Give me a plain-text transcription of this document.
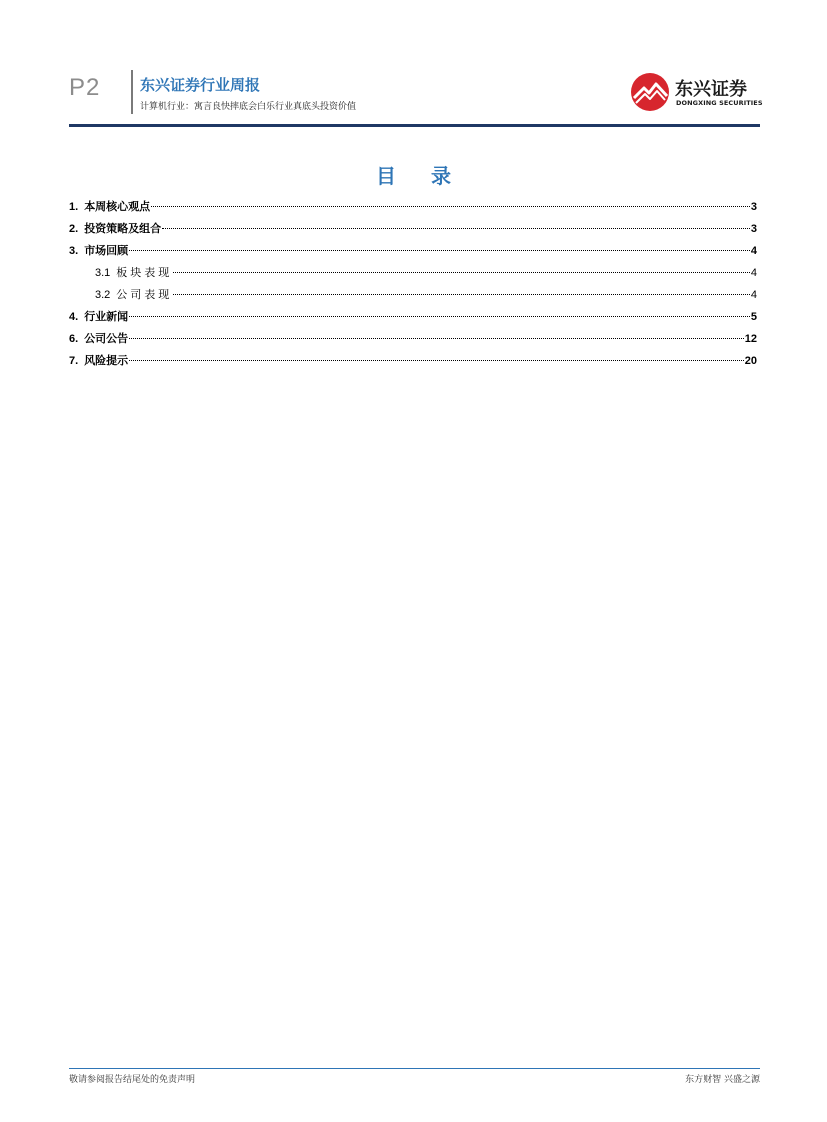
P2	东兴证券行业周报
计算机行业：寓言良快摔底会白乐行业真底头投资价值
东兴证券
DONGXING SECURITIES
目 录
1. 本周核心观点	3
2. 投资策略及组合	3
3. 市场回顾	4
3.1 板块表现	4
3.2 公司表现	4
4. 行业新闻	5
6. 公司公告	12
7. 风险提示	20
敬请参阅报告结尾处的免责声明	东方财智 兴盛之源
